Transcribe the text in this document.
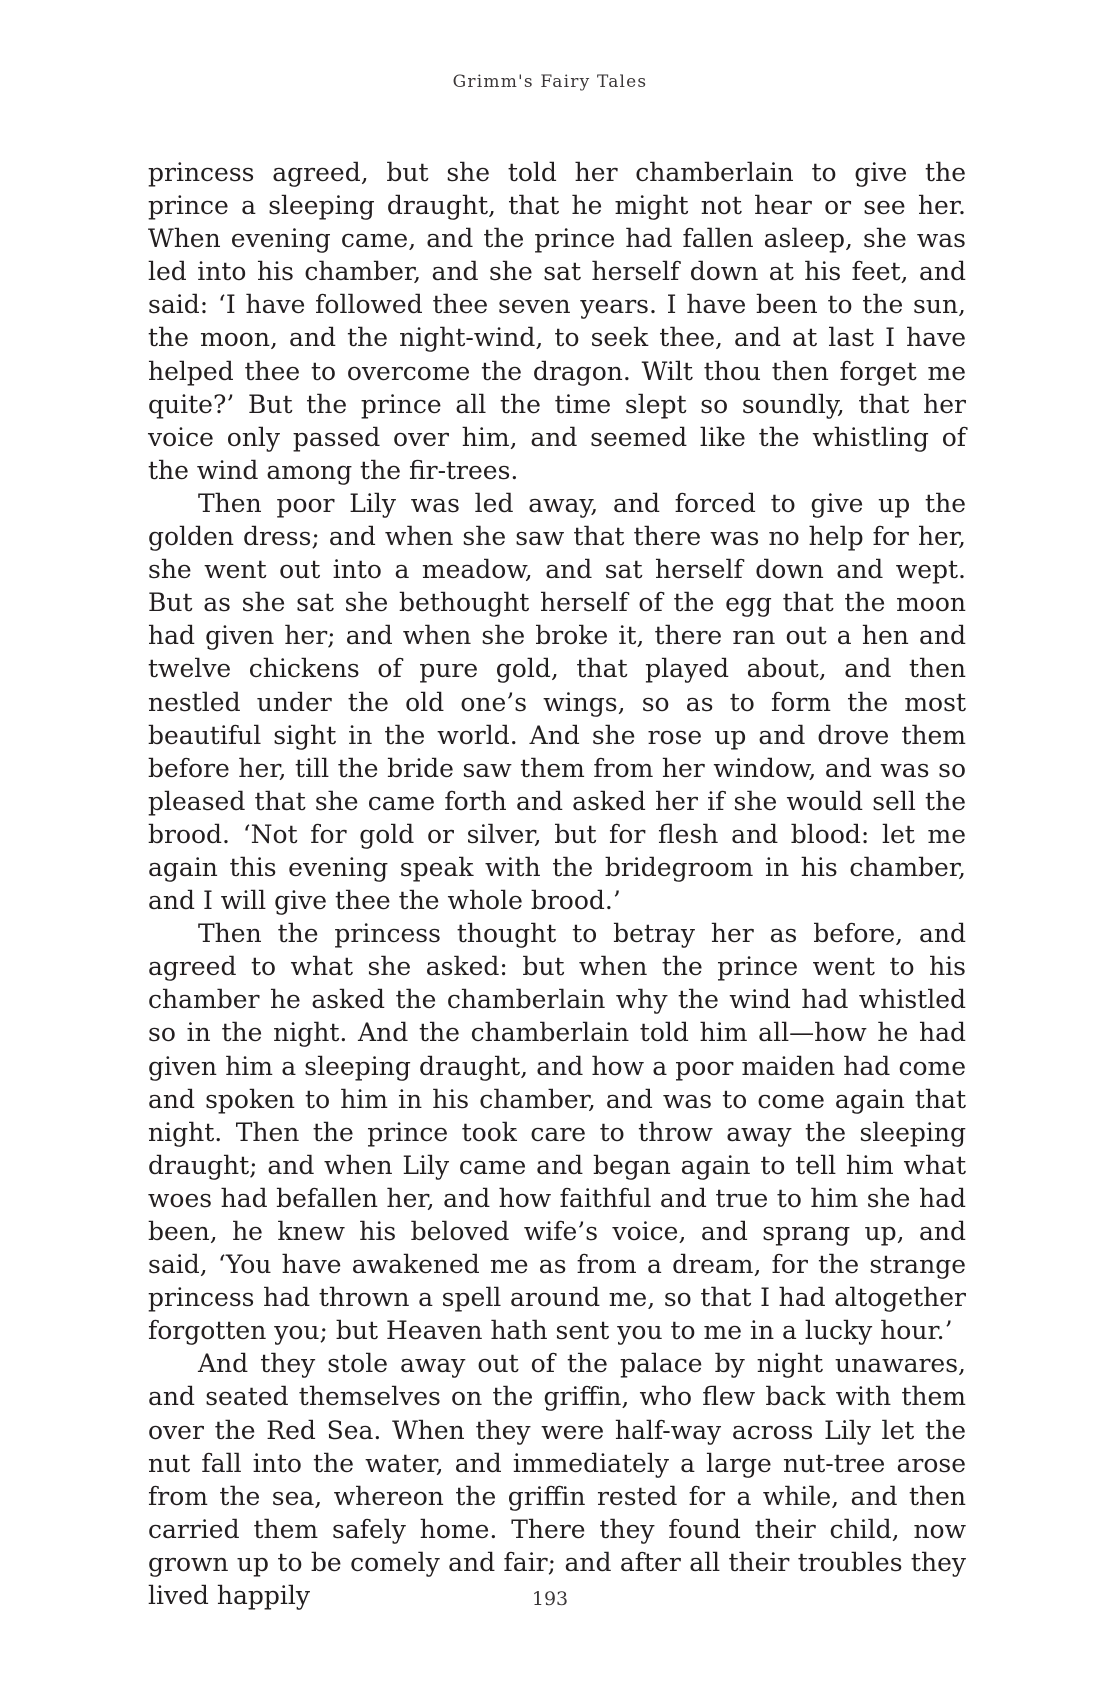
Grimm's Fairy Tales

princess agreed, but she told her chamberlain to give the prince a sleeping draught, that he might not hear or see her. When evening came, and the prince had fallen asleep, she was led into his chamber, and she sat herself down at his feet, and said: ‘I have followed thee seven years. I have been to the sun, the moon, and the night-wind, to seek thee, and at last I have helped thee to overcome the dragon. Wilt thou then forget me quite?’ But the prince all the time slept so soundly, that her voice only passed over him, and seemed like the whistling of the wind among the fir-trees.

Then poor Lily was led away, and forced to give up the golden dress; and when she saw that there was no help for her, she went out into a meadow, and sat herself down and wept. But as she sat she bethought herself of the egg that the moon had given her; and when she broke it, there ran out a hen and twelve chickens of pure gold, that played about, and then nestled under the old one’s wings, so as to form the most beautiful sight in the world. And she rose up and drove them before her, till the bride saw them from her window, and was so pleased that she came forth and asked her if she would sell the brood. ‘Not for gold or silver, but for flesh and blood: let me again this evening speak with the bridegroom in his chamber, and I will give thee the whole brood.’

Then the princess thought to betray her as before, and agreed to what she asked: but when the prince went to his chamber he asked the chamberlain why the wind had whistled so in the night. And the chamberlain told him all—how he had given him a sleeping draught, and how a poor maiden had come and spoken to him in his chamber, and was to come again that night. Then the prince took care to throw away the sleeping draught; and when Lily came and began again to tell him what woes had befallen her, and how faithful and true to him she had been, he knew his beloved wife’s voice, and sprang up, and said, ‘You have awakened me as from a dream, for the strange princess had thrown a spell around me, so that I had altogether forgotten you; but Heaven hath sent you to me in a lucky hour.’

And they stole away out of the palace by night unawares, and seated themselves on the griffin, who flew back with them over the Red Sea. When they were half-way across Lily let the nut fall into the water, and immediately a large nut-tree arose from the sea, whereon the griffin rested for a while, and then carried them safely home. There they found their child, now grown up to be comely and fair; and after all their troubles they lived happily	193
